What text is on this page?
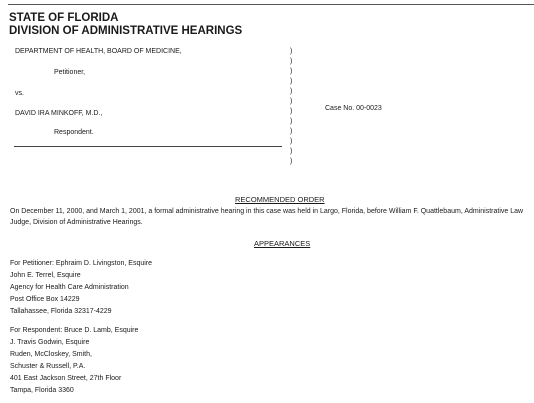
STATE OF FLORIDA
DIVISION OF ADMINISTRATIVE HEARINGS
DEPARTMENT OF HEALTH, BOARD OF MEDICINE,
Petitioner,
vs.
DAVID IRA MINKOFF, M.D.,
Respondent.
Case No. 00-0023
)
)
)
)
)
)
)
)
)
)
)
)
RECOMMENDED ORDER
On December 11, 2000, and March 1, 2001, a formal administrative hearing in this case was held in Largo, Florida, before William F. Quattlebaum, Administrative Law Judge, Division of Administrative Hearings.
APPEARANCES
For Petitioner: Ephraim D. Livingston, Esquire
John E. Terrel, Esquire
Agency for Health Care Administration
Post Office Box 14229
Tallahassee, Florida 32317-4229
For Respondent: Bruce D. Lamb, Esquire
J. Travis Godwin, Esquire
Ruden, McCloskey, Smith,
Schuster & Russell, P.A.
401 East Jackson Street, 27th Floor
Tampa, Florida 3360
